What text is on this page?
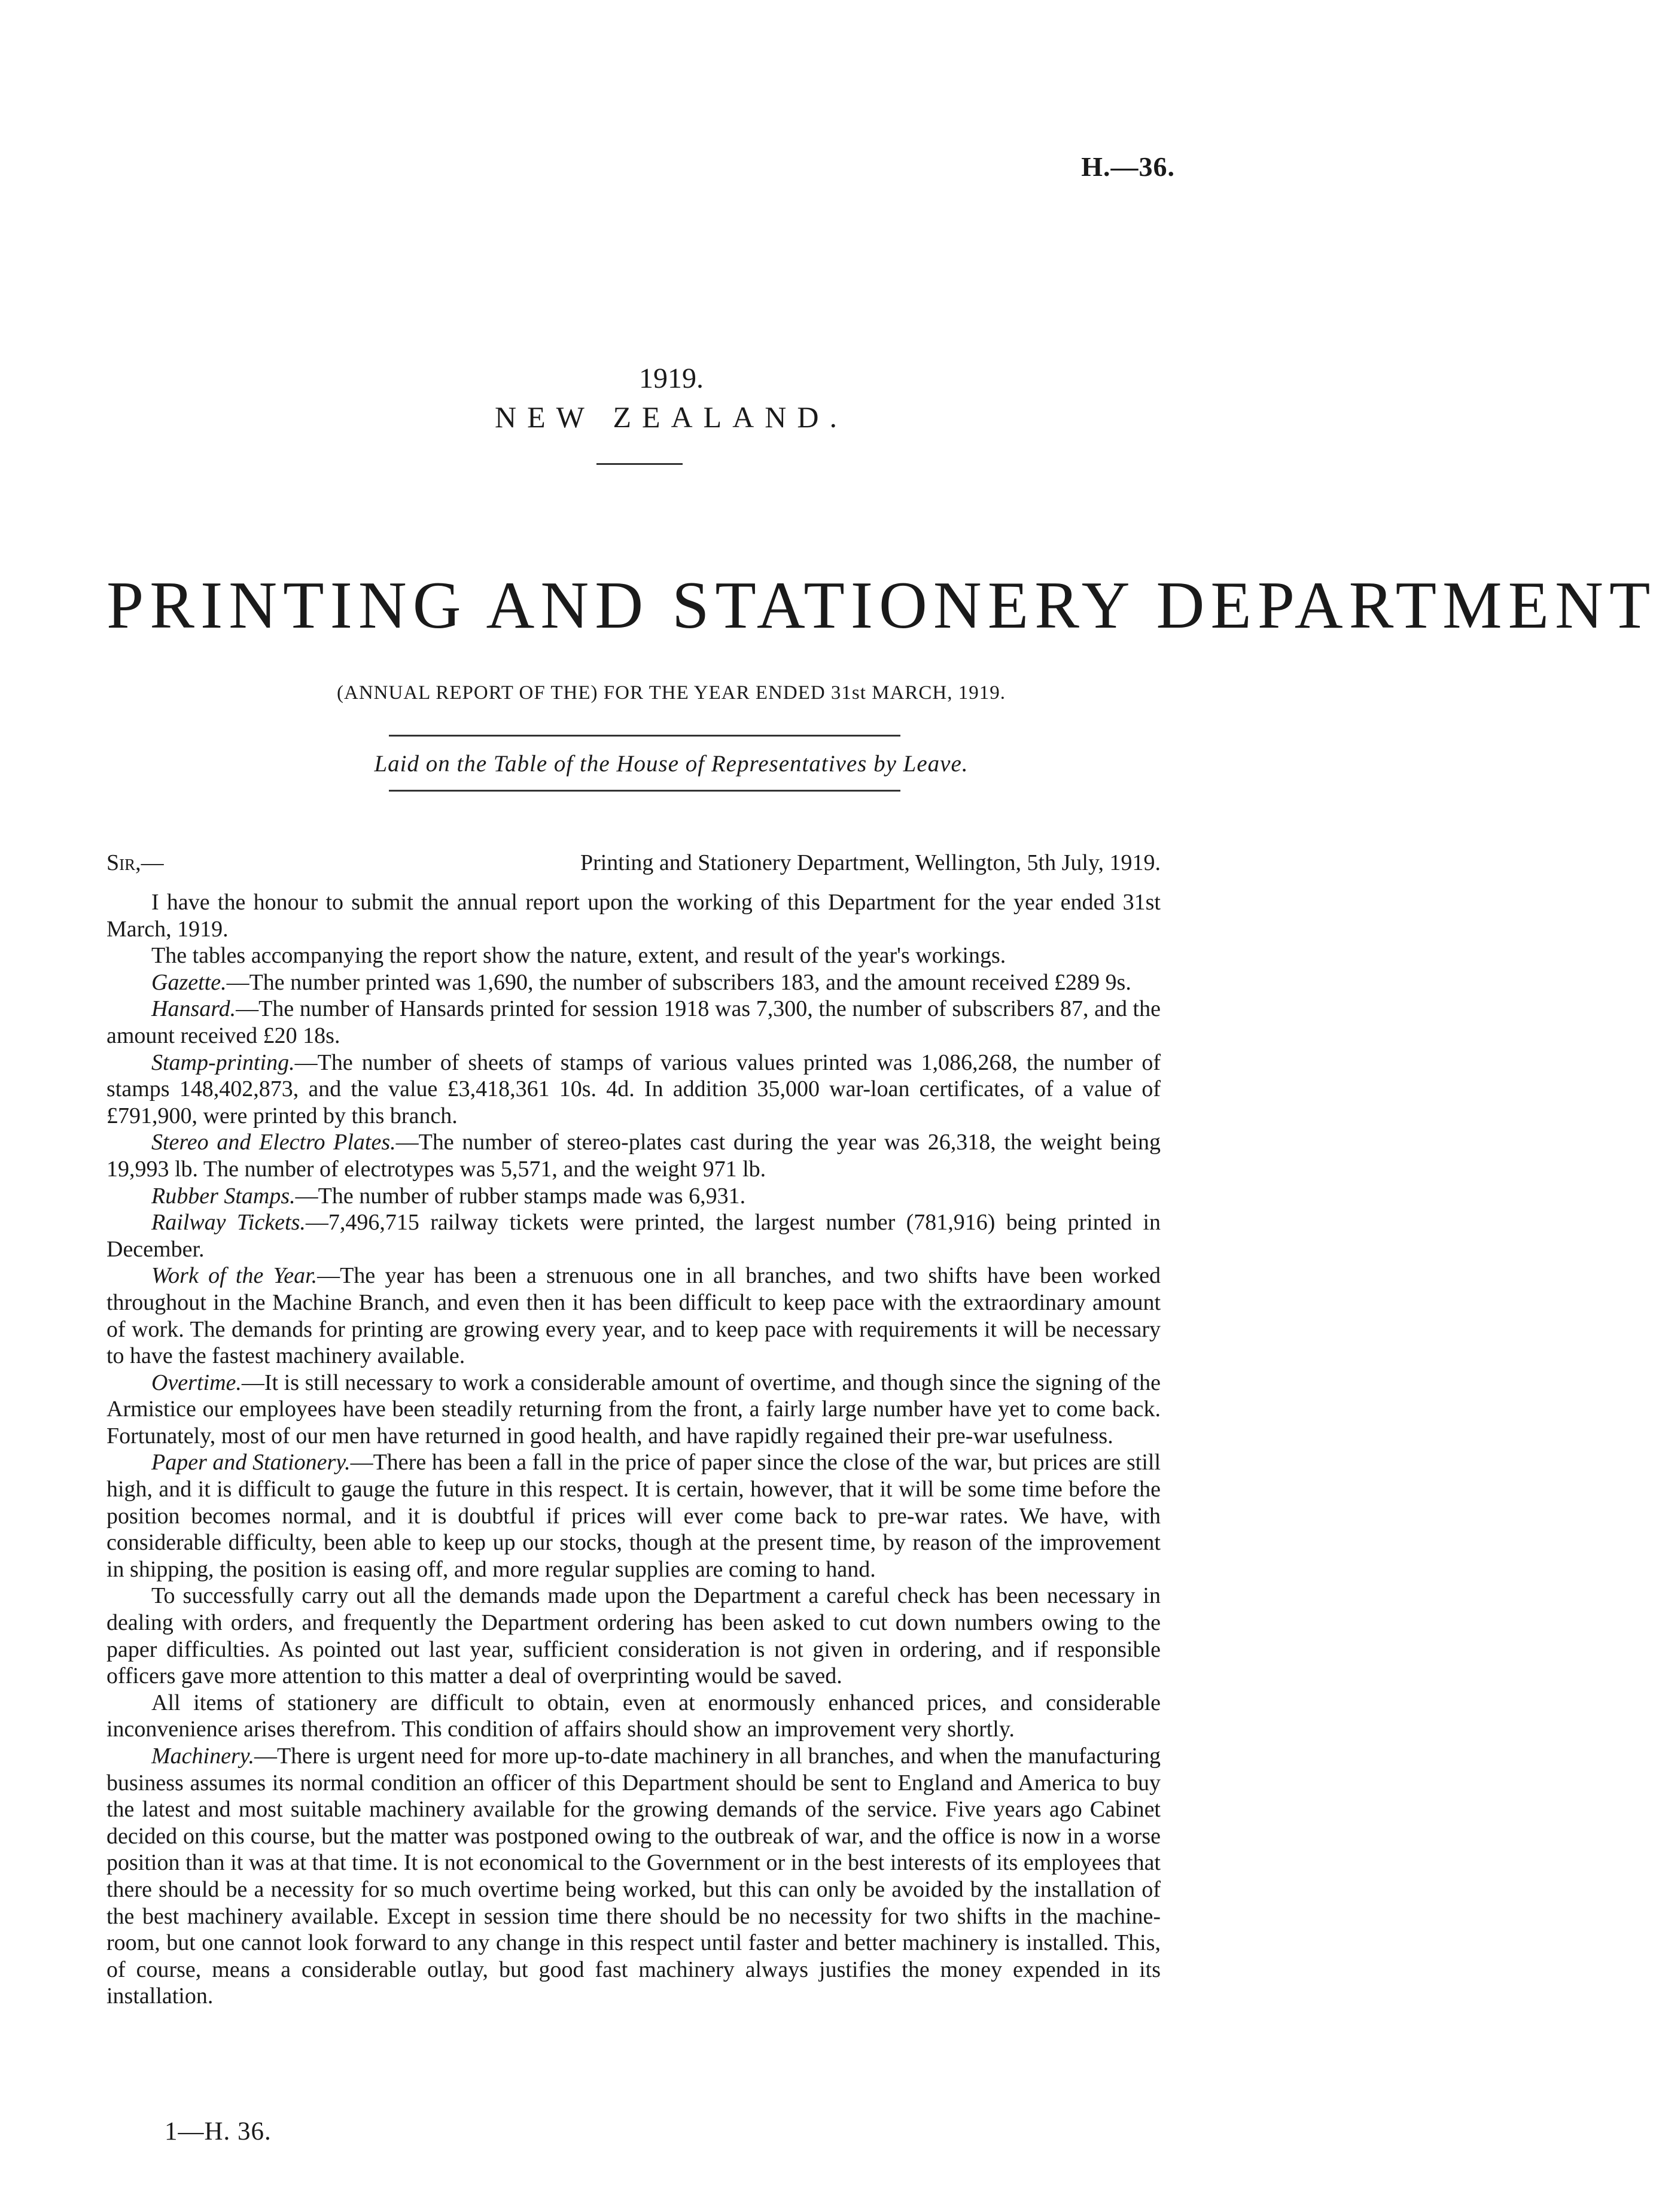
H.—36.
1919.
NEW ZEALAND.
PRINTING AND STATIONERY DEPARTMENT
(ANNUAL REPORT OF THE) FOR THE YEAR ENDED 31st MARCH, 1919.
Laid on the Table of the House of Representatives by Leave.
Sir,—	Printing and Stationery Department, Wellington, 5th July, 1919.

I have the honour to submit the annual report upon the working of this Department for the year ended 31st March, 1919.

The tables accompanying the report show the nature, extent, and result of the year's workings.

Gazette.—The number printed was 1,690, the number of subscribers 183, and the amount received £289 9s.

Hansard.—The number of Hansards printed for session 1918 was 7,300, the number of subscribers 87, and the amount received £20 18s.

Stamp-printing.—The number of sheets of stamps of various values printed was 1,086,268, the number of stamps 148,402,873, and the value £3,418,361 10s. 4d. In addition 35,000 war-loan certificates, of a value of £791,900, were printed by this branch.

Stereo and Electro Plates.—The number of stereo-plates cast during the year was 26,318, the weight being 19,993 lb. The number of electrotypes was 5,571, and the weight 971 lb.

Rubber Stamps.—The number of rubber stamps made was 6,931.

Railway Tickets.—7,496,715 railway tickets were printed, the largest number (781,916) being printed in December.

Work of the Year.—The year has been a strenuous one in all branches, and two shifts have been worked throughout in the Machine Branch, and even then it has been difficult to keep pace with the extraordinary amount of work. The demands for printing are growing every year, and to keep pace with requirements it will be necessary to have the fastest machinery available.

Overtime.—It is still necessary to work a considerable amount of overtime, and though since the signing of the Armistice our employees have been steadily returning from the front, a fairly large number have yet to come back. Fortunately, most of our men have returned in good health, and have rapidly regained their pre-war usefulness.

Paper and Stationery.—There has been a fall in the price of paper since the close of the war, but prices are still high, and it is difficult to gauge the future in this respect. It is certain, however, that it will be some time before the position becomes normal, and it is doubtful if prices will ever come back to pre-war rates. We have, with considerable difficulty, been able to keep up our stocks, though at the present time, by reason of the improvement in shipping, the position is easing off, and more regular supplies are coming to hand.

To successfully carry out all the demands made upon the Department a careful check has been necessary in dealing with orders, and frequently the Department ordering has been asked to cut down numbers owing to the paper difficulties. As pointed out last year, sufficient consideration is not given in ordering, and if responsible officers gave more attention to this matter a deal of overprinting would be saved.

All items of stationery are difficult to obtain, even at enormously enhanced prices, and considerable inconvenience arises therefrom. This condition of affairs should show an improvement very shortly.

Machinery.—There is urgent need for more up-to-date machinery in all branches, and when the manufacturing business assumes its normal condition an officer of this Department should be sent to England and America to buy the latest and most suitable machinery available for the growing demands of the service. Five years ago Cabinet decided on this course, but the matter was postponed owing to the outbreak of war, and the office is now in a worse position than it was at that time. It is not economical to the Government or in the best interests of its employees that there should be a necessity for so much overtime being worked, but this can only be avoided by the installation of the best machinery available. Except in session time there should be no necessity for two shifts in the machine-room, but one cannot look forward to any change in this respect until faster and better machinery is installed. This, of course, means a considerable outlay, but good fast machinery always justifies the money expended in its installation.

1—H. 36.
